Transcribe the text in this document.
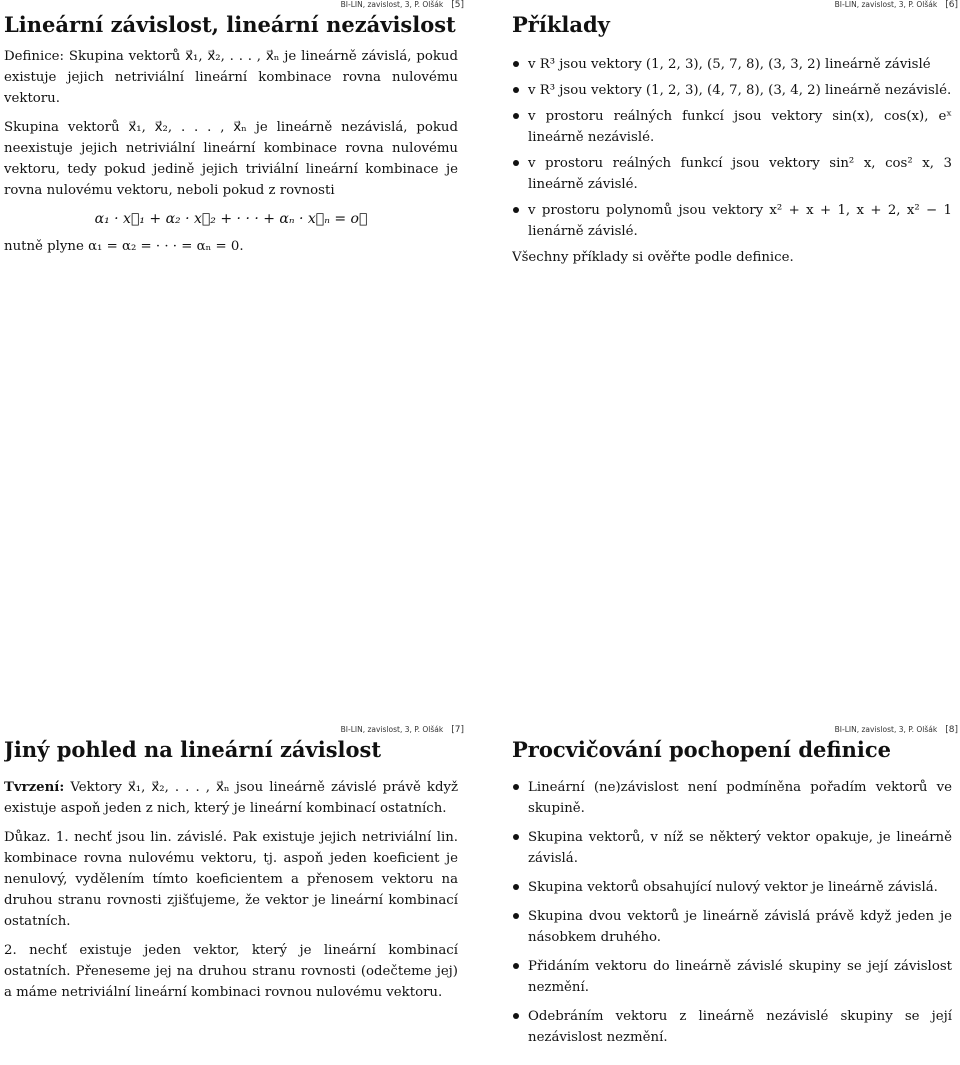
BI-LIN, zavislost, 3, P. Olšák [5]
Lineární závislost, lineární nezávislost

Definice: Skupina vektorů x⃗₁, x⃗₂, . . . , x⃗ₙ je lineárně závislá, pokud existuje jejich netriviální lineární kombinace rovna nulovému vektoru.

Skupina vektorů x⃗₁, x⃗₂, . . . , x⃗ₙ je lineárně nezávislá, pokud neexistuje jejich netriviální lineární kombinace rovna nulovému vektoru, tedy pokud jedině jejich triviální lineární kombinace je rovna nulovému vektoru, neboli pokud z rovnosti

α₁ · x⃗₁ + α₂ · x⃗₂ + · · · + αₙ · x⃗ₙ = o⃗

nutně plyne α₁ = α₂ = · · · = αₙ = 0.

BI-LIN, zavislost, 3, P. Olšák [6]
Příklady
v R³ jsou vektory (1, 2, 3), (5, 7, 8), (3, 3, 2) lineárně závislé
v R³ jsou vektory (1, 2, 3), (4, 7, 8), (3, 4, 2) lineárně nezávislé.
v prostoru reálných funkcí jsou vektory sin(x), cos(x), eˣ lineárně nezávislé.
v prostoru reálných funkcí jsou vektory sin² x, cos² x, 3 lineárně závislé.
v prostoru polynomů jsou vektory x² + x + 1, x + 2, x² − 1 lienárně závislé.

Všechny příklady si ověřte podle definice.

BI-LIN, zavislost, 3, P. Olšák [7]
Jiný pohled na lineární závislost

Tvrzení: Vektory x⃗₁, x⃗₂, . . . , x⃗ₙ jsou lineárně závislé právě když existuje aspoň jeden z nich, který je lineární kombinací ostatních.

Důkaz. 1. nechť jsou lin. závislé. Pak existuje jejich netriviální lin. kombinace rovna nulovému vektoru, tj. aspoň jeden koeficient je nenulový, vydělením tímto koeficientem a přenosem vektoru na druhou stranu rovnosti zjišťujeme, že vektor je lineární kombinací ostatních.

2. nechť existuje jeden vektor, který je lineární kombinací ostatních. Přeneseme jej na druhou stranu rovnosti (odečteme jej) a máme netriviální lineární kombinaci rovnou nulovému vektoru.

BI-LIN, zavislost, 3, P. Olšák [8]
Procvičování pochopení definice
Lineární (ne)závislost není podmíněna pořadím vektorů ve skupině.
Skupina vektorů, v níž se některý vektor opakuje, je lineárně závislá.
Skupina vektorů obsahující nulový vektor je lineárně závislá.
Skupina dvou vektorů je lineárně závislá právě když jeden je násobkem druhého.
Přidáním vektoru do lineárně závislé skupiny se její závislost nezmění.
Odebráním vektoru z lineárně nezávislé skupiny se její nezávislost nezmění.
